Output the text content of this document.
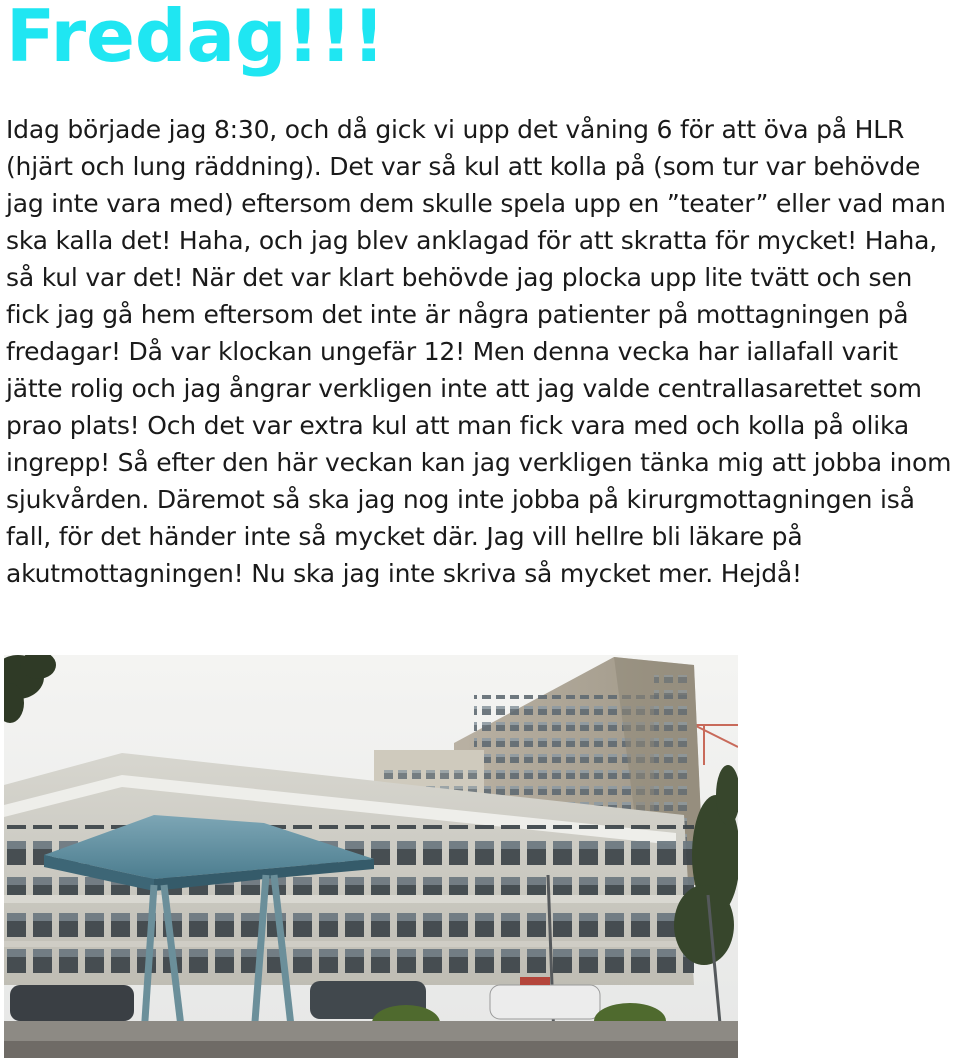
Fredag!!!

Idag började jag 8:30, och då gick vi upp det våning 6 för att öva på HLR (hjärt och lung räddning). Det var så kul att kolla på (som tur var behövde jag inte vara med) eftersom dem skulle spela upp en ”teater” eller vad man ska kalla det! Haha, och jag blev anklagad för att skratta för mycket! Haha, så kul var det! När det var klart behövde jag plocka upp lite tvätt och sen fick jag gå hem eftersom det inte är några patienter på mottagningen på fredagar! Då var klockan ungefär 12! Men denna vecka har iallafall varit jätte rolig och jag ångrar verkligen inte att jag valde centrallasarettet som prao plats! Och det var extra kul att man fick vara med och kolla på olika ingrepp! Så efter den här veckan kan jag verkligen tänka mig att jobba inom sjukvården. Däremot så ska jag nog inte jobba på kirurgmottagningen iså fall, för det händer inte så mycket där. Jag vill hellre bli läkare på akutmottagningen! Nu ska jag inte skriva så mycket mer. Hejdå!
